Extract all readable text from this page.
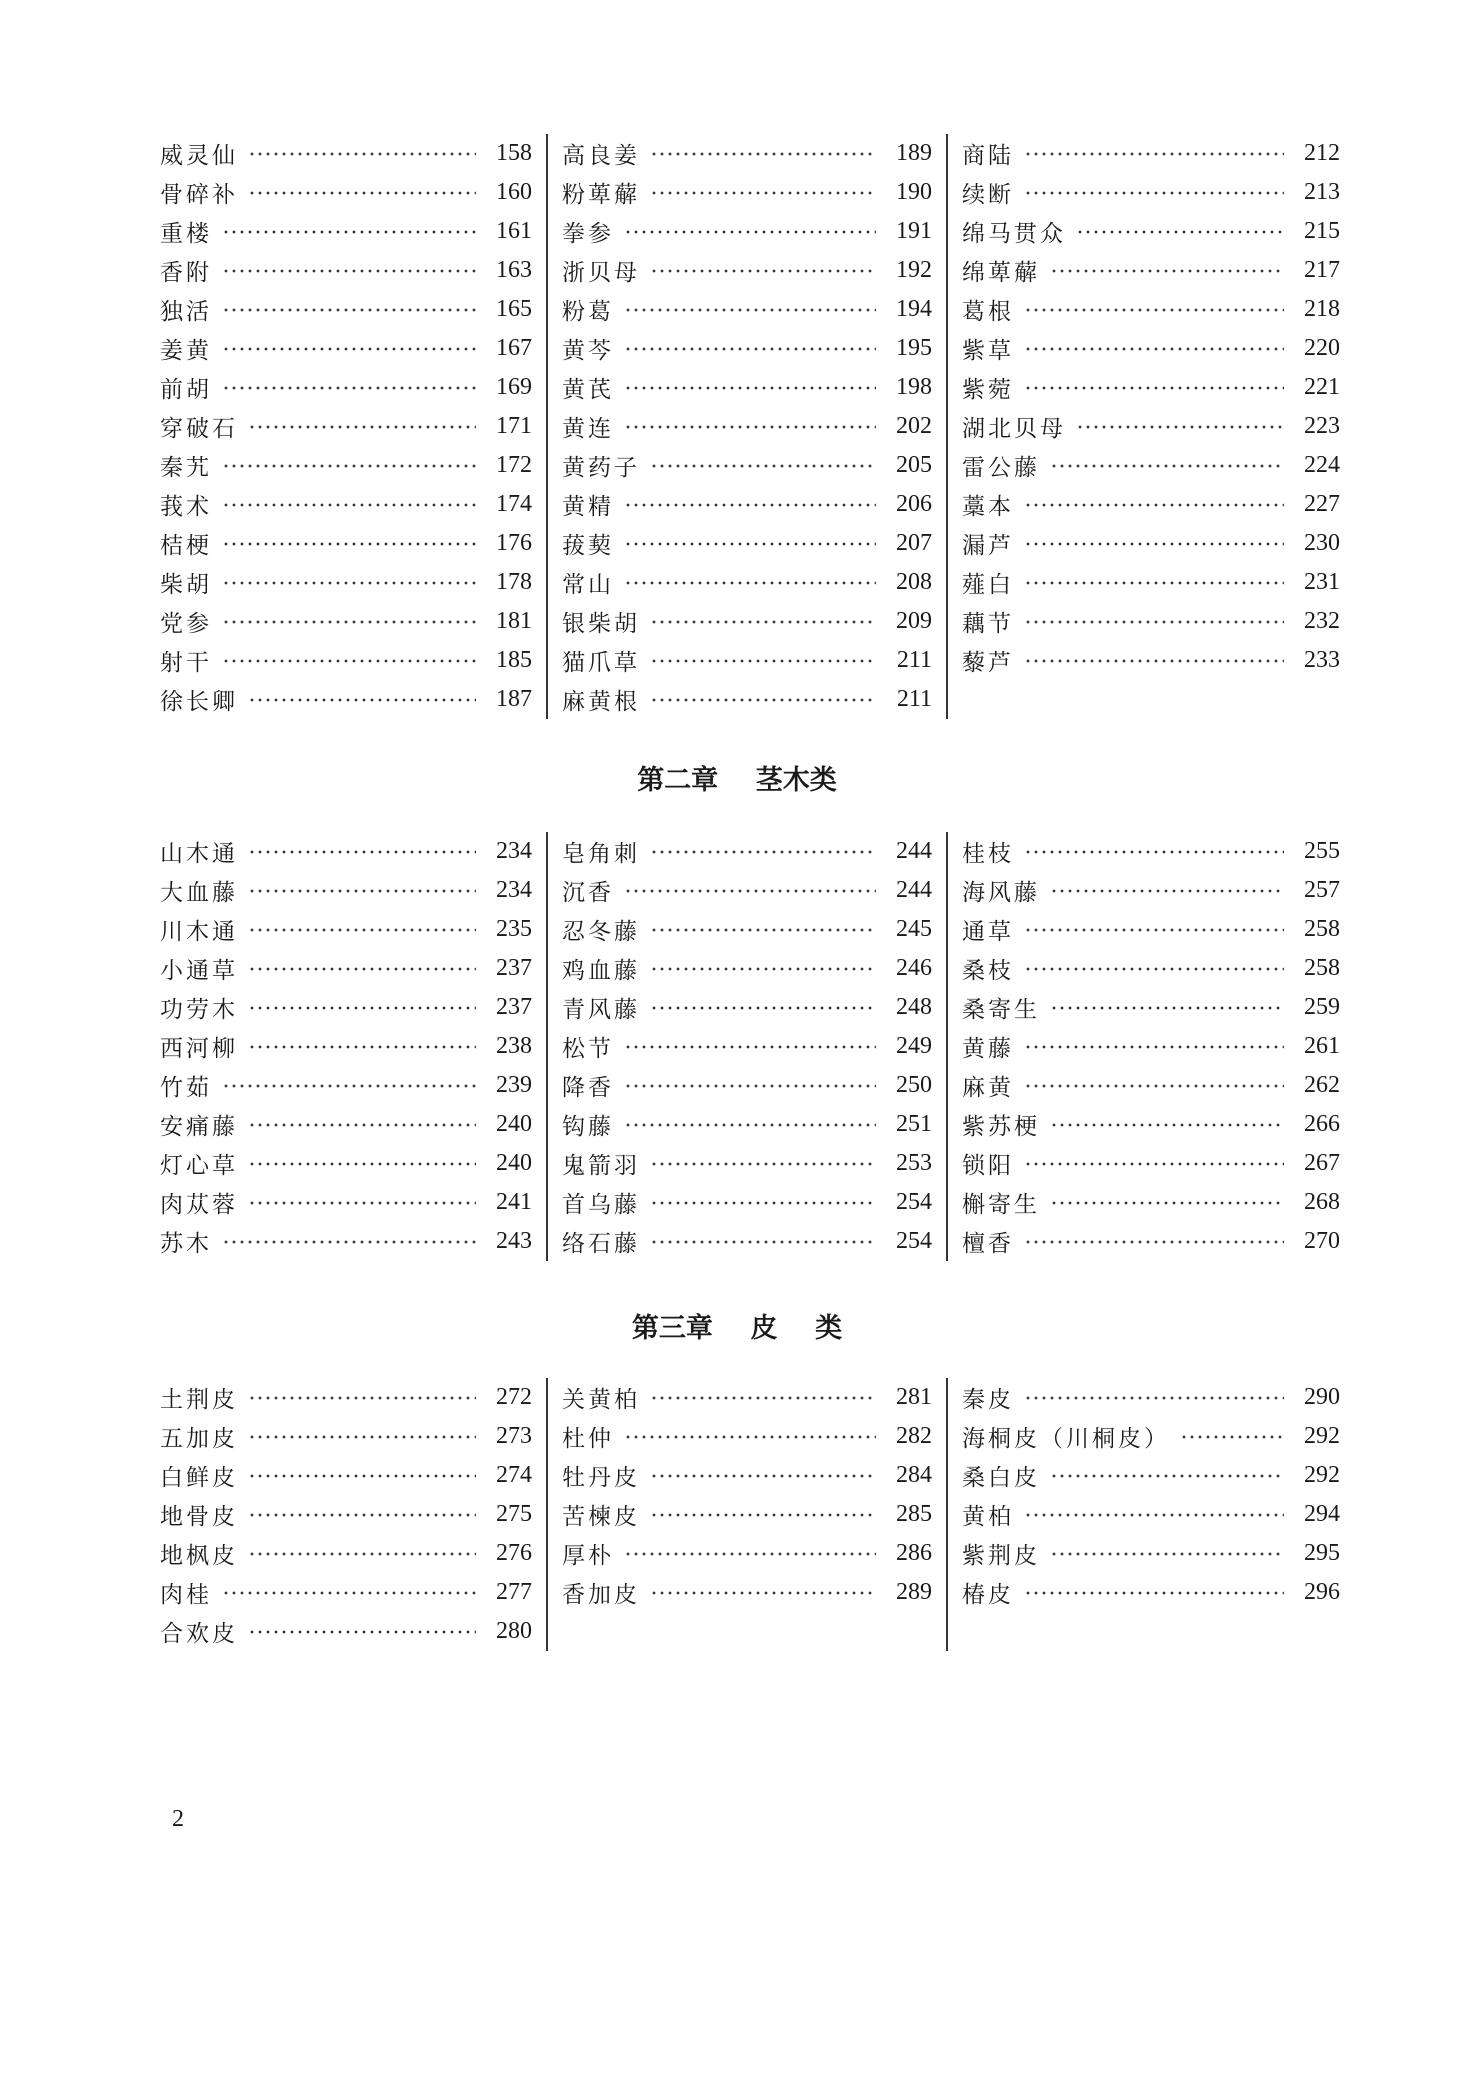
威灵仙	158
骨碎补	160
重楼	161
香附	163
独活	165
姜黄	167
前胡	169
穿破石	171
秦艽	172
莪术	174
桔梗	176
柴胡	178
党参	181
射干	185
徐长卿	187
高良姜	189
粉萆薢	190
拳参	191
浙贝母	192
粉葛	194
黄芩	195
黄芪	198
黄连	202
黄药子	205
黄精	206
菝葜	207
常山	208
银柴胡	209
猫爪草	211
麻黄根	211
商陆	212
续断	213
绵马贯众	215
绵萆薢	217
葛根	218
紫草	220
紫菀	221
湖北贝母	223
雷公藤	224
藁本	227
漏芦	230
薤白	231
藕节	232
藜芦	233
第二章    茎木类
山木通	234
大血藤	234
川木通	235
小通草	237
功劳木	237
西河柳	238
竹茹	239
安痛藤	240
灯心草	240
肉苁蓉	241
苏木	243
皂角刺	244
沉香	244
忍冬藤	245
鸡血藤	246
青风藤	248
松节	249
降香	250
钩藤	251
鬼箭羽	253
首乌藤	254
络石藤	254
桂枝	255
海风藤	257
通草	258
桑枝	258
桑寄生	259
黄藤	261
麻黄	262
紫苏梗	266
锁阳	267
槲寄生	268
檀香	270
第三章    皮    类
土荆皮	272
五加皮	273
白鲜皮	274
地骨皮	275
地枫皮	276
肉桂	277
合欢皮	280
关黄柏	281
杜仲	282
牡丹皮	284
苦楝皮	285
厚朴	286
香加皮	289
秦皮	290
海桐皮（川桐皮）	292
桑白皮	292
黄柏	294
紫荆皮	295
椿皮	296
2
